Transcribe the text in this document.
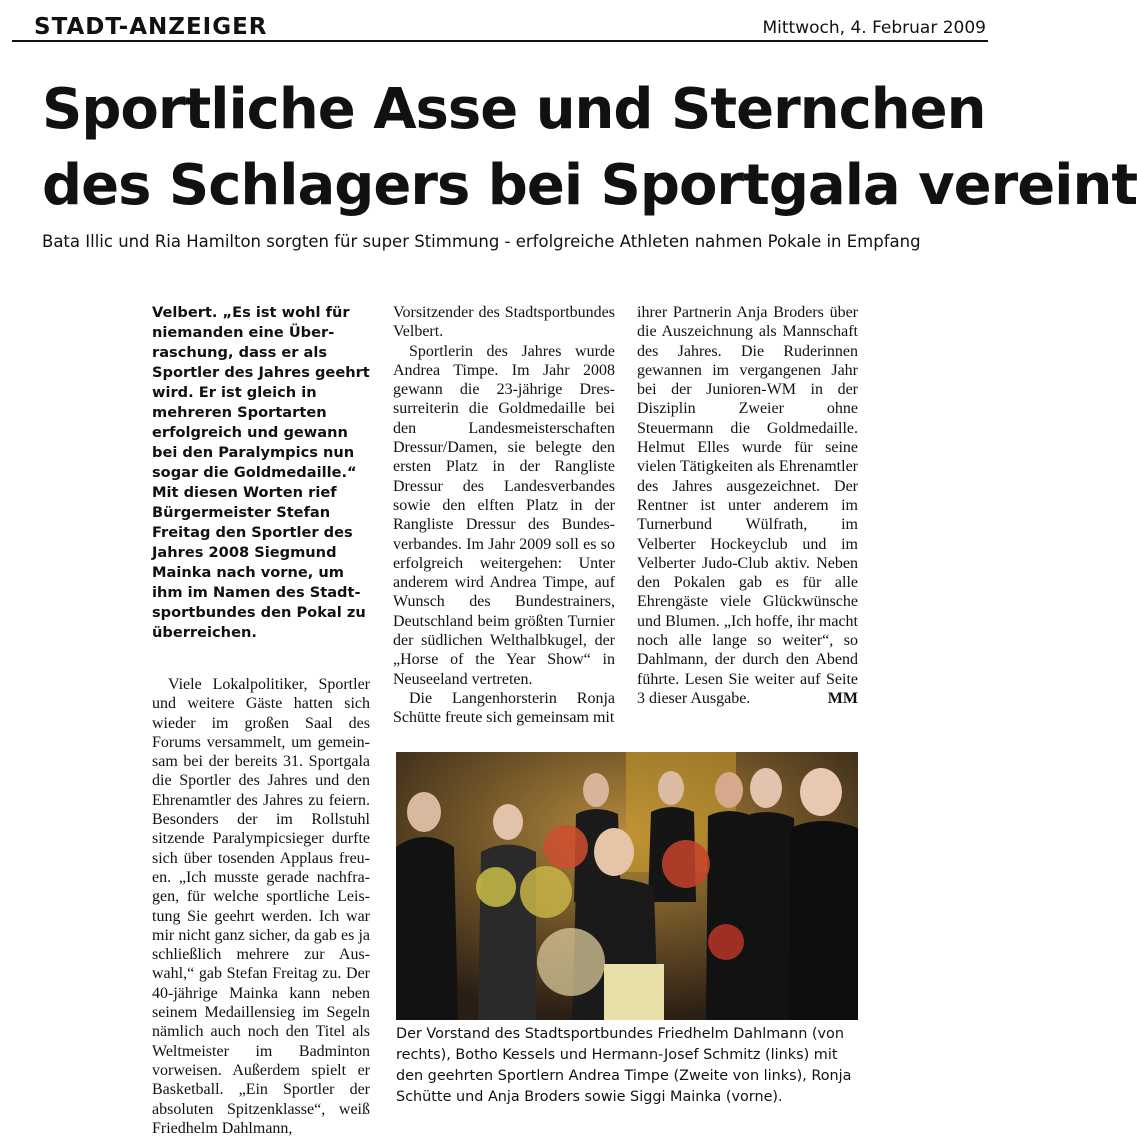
STADT-ANZEIGER	Mittwoch, 4. Februar 2009
Sportliche Asse und Sternchen
des Schlagers bei Sportgala vereint
Bata Illic und Ria Hamilton sorgten für super Stimmung - erfolgreiche Athleten nahmen Pokale in Empfang

Velbert. „Es ist wohl für niemanden eine Überraschung, dass er als Sportler des Jahres geehrt wird. Er ist gleich in mehreren Sportarten erfolgreich und gewann bei den Paralympics nun sogar die Goldmedaille.“ Mit diesen Worten rief Bürgermeister Stefan Freitag den Sportler des Jahres 2008 Siegmund Mainka nach vorne, um ihm im Namen des Stadtsportbundes den Pokal zu überreichen.

Viele Lokalpolitiker, Sportler und weitere Gäste hatten sich wieder im großen Saal des Forums versammelt, um gemeinsam bei der bereits 31. Sportgala die Sportler des Jahres und den Ehrenamtler des Jahres zu feiern. Besonders der im Rollstuhl sitzende Paralympicsieger durfte sich über tosenden Applaus freuen. „Ich musste gerade nachfragen, für welche sportliche Leistung Sie geehrt werden. Ich war mir nicht ganz sicher, da gab es ja schließlich mehrere zur Auswahl,“ gab Stefan Freitag zu. Der 40-jährige Mainka kann neben seinem Medaillensieg im Segeln nämlich auch noch den Titel als Weltmeister im Badminton vorweisen. Außerdem spielt er Basketball. „Ein Sportler der absoluten Spitzenklasse“, weiß Friedhelm Dahlmann,

Vorsitzender des Stadtsportbundes Velbert.

Sportlerin des Jahres wurde Andrea Timpe. Im Jahr 2008 gewann die 23-jährige Dressurreiterin die Goldmedaille bei den Landesmeisterschaften Dressur/Damen, sie belegte den ersten Platz in der Rangliste Dressur des Landesverbandes sowie den elften Platz in der Rangliste Dressur des Bundesverbandes. Im Jahr 2009 soll es so erfolgreich weitergehen: Unter anderem wird Andrea Timpe, auf Wunsch des Bundestrainers, Deutschland beim größten Turnier der südlichen Welthalbkugel, der „Horse of the Year Show“ in Neuseeland vertreten.

Die Langenhorsterin Ronja Schütte freute sich gemeinsam mit

ihrer Partnerin Anja Broders über die Auszeichnung als Mannschaft des Jahres. Die Ruderinnen gewannen im vergangenen Jahr bei der Junioren-WM in der Disziplin Zweier ohne Steuermann die Goldmedaille. Helmut Elles wurde für seine vielen Tätigkeiten als Ehrenamtler des Jahres ausgezeichnet. Der Rentner ist unter anderem im Turnerbund Wülfrath, im Velberter Hockeyclub und im Velberter Judo-Club aktiv. Neben den Pokalen gab es für alle Ehrengäste viele Glückwünsche und Blumen. „Ich hoffe, ihr macht noch alle lange so weiter“, so Dahlmann, der durch den Abend führte. Lesen Sie weiter auf Seite 3 dieser Ausgabe.	MM
Der Vorstand des Stadtsportbundes Friedhelm Dahlmann (von rechts), Botho Kessels und Hermann-Josef Schmitz (links) mit den geehrten Sportlern Andrea Timpe (Zweite von links), Ronja Schütte und Anja Broders sowie Siggi Mainka (vorne).
